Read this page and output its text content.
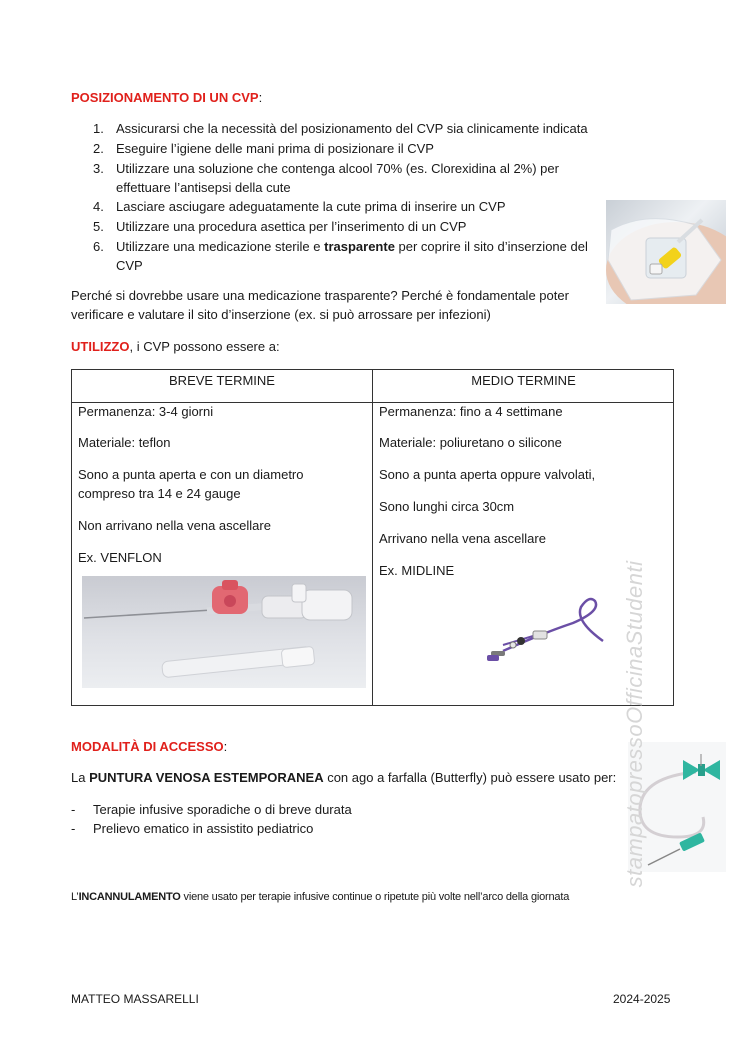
POSIZIONAMENTO DI UN CVP:
1. Assicurarsi che la necessità del posizionamento del CVP sia clinicamente indicata
2. Eseguire l’igiene delle mani prima di posizionare il CVP
3. Utilizzare una soluzione che contenga alcool 70% (es. Clorexidina al 2%) per effettuare l’antisepsi della cute
4. Lasciare asciugare adeguatamente la cute prima di inserire un CVP
5. Utilizzare una procedura asettica per l’inserimento di un CVP
6. Utilizzare una medicazione sterile e trasparente per coprire il sito d’inserzione del CVP
Perché si dovrebbe usare una medicazione trasparente? Perché è fondamentale poter verificare e valutare il sito d’inserzione (ex. si può arrossare per infezioni)
UTILIZZO, i CVP possono essere a:
BREVE TERMINE	MEDIO TERMINE

Permanenza: 3-4 giorni

Materiale: teflon

Sono a punta aperta e con un diametro compreso tra 14 e 24 gauge

Non arrivano nella vena ascellare

Ex. VENFLON

Permanenza: fino a 4 settimane

Materiale: poliuretano o silicone

Sono a punta aperta oppure valvolati,

Sono lunghi circa 30cm

Arrivano nella vena ascellare

Ex. MIDLINE

MODALITÀ DI ACCESSO:
La PUNTURA VENOSA ESTEMPORANEA con ago a farfalla (Butterfly) può essere usato per:
- Terapie infusive sporadiche o di breve durata
- Prelievo ematico in assistito pediatrico
L’INCANNULAMENTO viene usato per terapie infusive continue o ripetute più volte nell’arco della giornata
stampatopressoOfficinaStudenti
MATTEO MASSARELLI	2024-2025
